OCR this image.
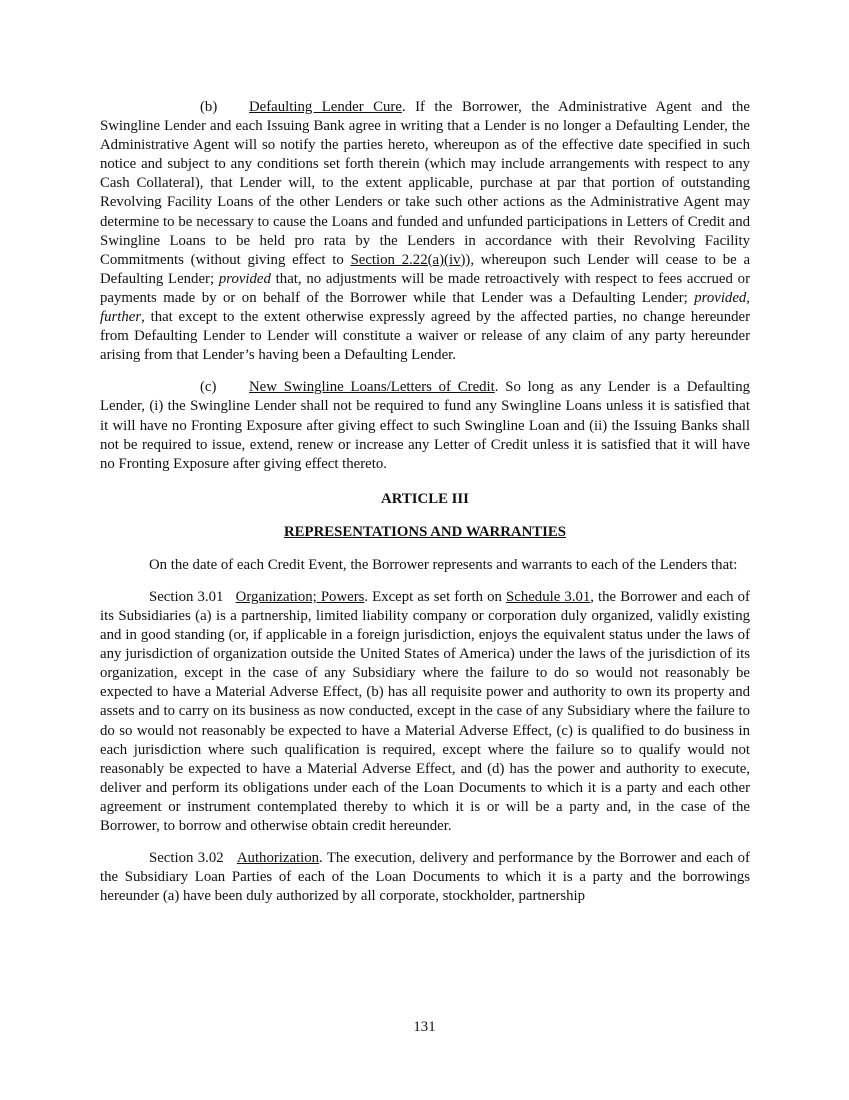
(b) Defaulting Lender Cure. If the Borrower, the Administrative Agent and the Swingline Lender and each Issuing Bank agree in writing that a Lender is no longer a Defaulting Lender, the Administrative Agent will so notify the parties hereto, whereupon as of the effective date specified in such notice and subject to any conditions set forth therein (which may include arrangements with respect to any Cash Collateral), that Lender will, to the extent applicable, purchase at par that portion of outstanding Revolving Facility Loans of the other Lenders or take such other actions as the Administrative Agent may determine to be necessary to cause the Loans and funded and unfunded participations in Letters of Credit and Swingline Loans to be held pro rata by the Lenders in accordance with their Revolving Facility Commitments (without giving effect to Section 2.22(a)(iv)), whereupon such Lender will cease to be a Defaulting Lender; provided that, no adjustments will be made retroactively with respect to fees accrued or payments made by or on behalf of the Borrower while that Lender was a Defaulting Lender; provided, further, that except to the extent otherwise expressly agreed by the affected parties, no change hereunder from Defaulting Lender to Lender will constitute a waiver or release of any claim of any party hereunder arising from that Lender’s having been a Defaulting Lender.

(c) New Swingline Loans/Letters of Credit. So long as any Lender is a Defaulting Lender, (i) the Swingline Lender shall not be required to fund any Swingline Loans unless it is satisfied that it will have no Fronting Exposure after giving effect to such Swingline Loan and (ii) the Issuing Banks shall not be required to issue, extend, renew or increase any Letter of Credit unless it is satisfied that it will have no Fronting Exposure after giving effect thereto.

ARTICLE III
REPRESENTATIONS AND WARRANTIES

On the date of each Credit Event, the Borrower represents and warrants to each of the Lenders that:

Section 3.01 Organization; Powers. Except as set forth on Schedule 3.01, the Borrower and each of its Subsidiaries (a) is a partnership, limited liability company or corporation duly organized, validly existing and in good standing (or, if applicable in a foreign jurisdiction, enjoys the equivalent status under the laws of any jurisdiction of organization outside the United States of America) under the laws of the jurisdiction of its organization, except in the case of any Subsidiary where the failure to do so would not reasonably be expected to have a Material Adverse Effect, (b) has all requisite power and authority to own its property and assets and to carry on its business as now conducted, except in the case of any Subsidiary where the failure to do so would not reasonably be expected to have a Material Adverse Effect, (c) is qualified to do business in each jurisdiction where such qualification is required, except where the failure so to qualify would not reasonably be expected to have a Material Adverse Effect, and (d) has the power and authority to execute, deliver and perform its obligations under each of the Loan Documents to which it is a party and each other agreement or instrument contemplated thereby to which it is or will be a party and, in the case of the Borrower, to borrow and otherwise obtain credit hereunder.

Section 3.02 Authorization. The execution, delivery and performance by the Borrower and each of the Subsidiary Loan Parties of each of the Loan Documents to which it is a party and the borrowings hereunder (a) have been duly authorized by all corporate, stockholder, partnership

131
